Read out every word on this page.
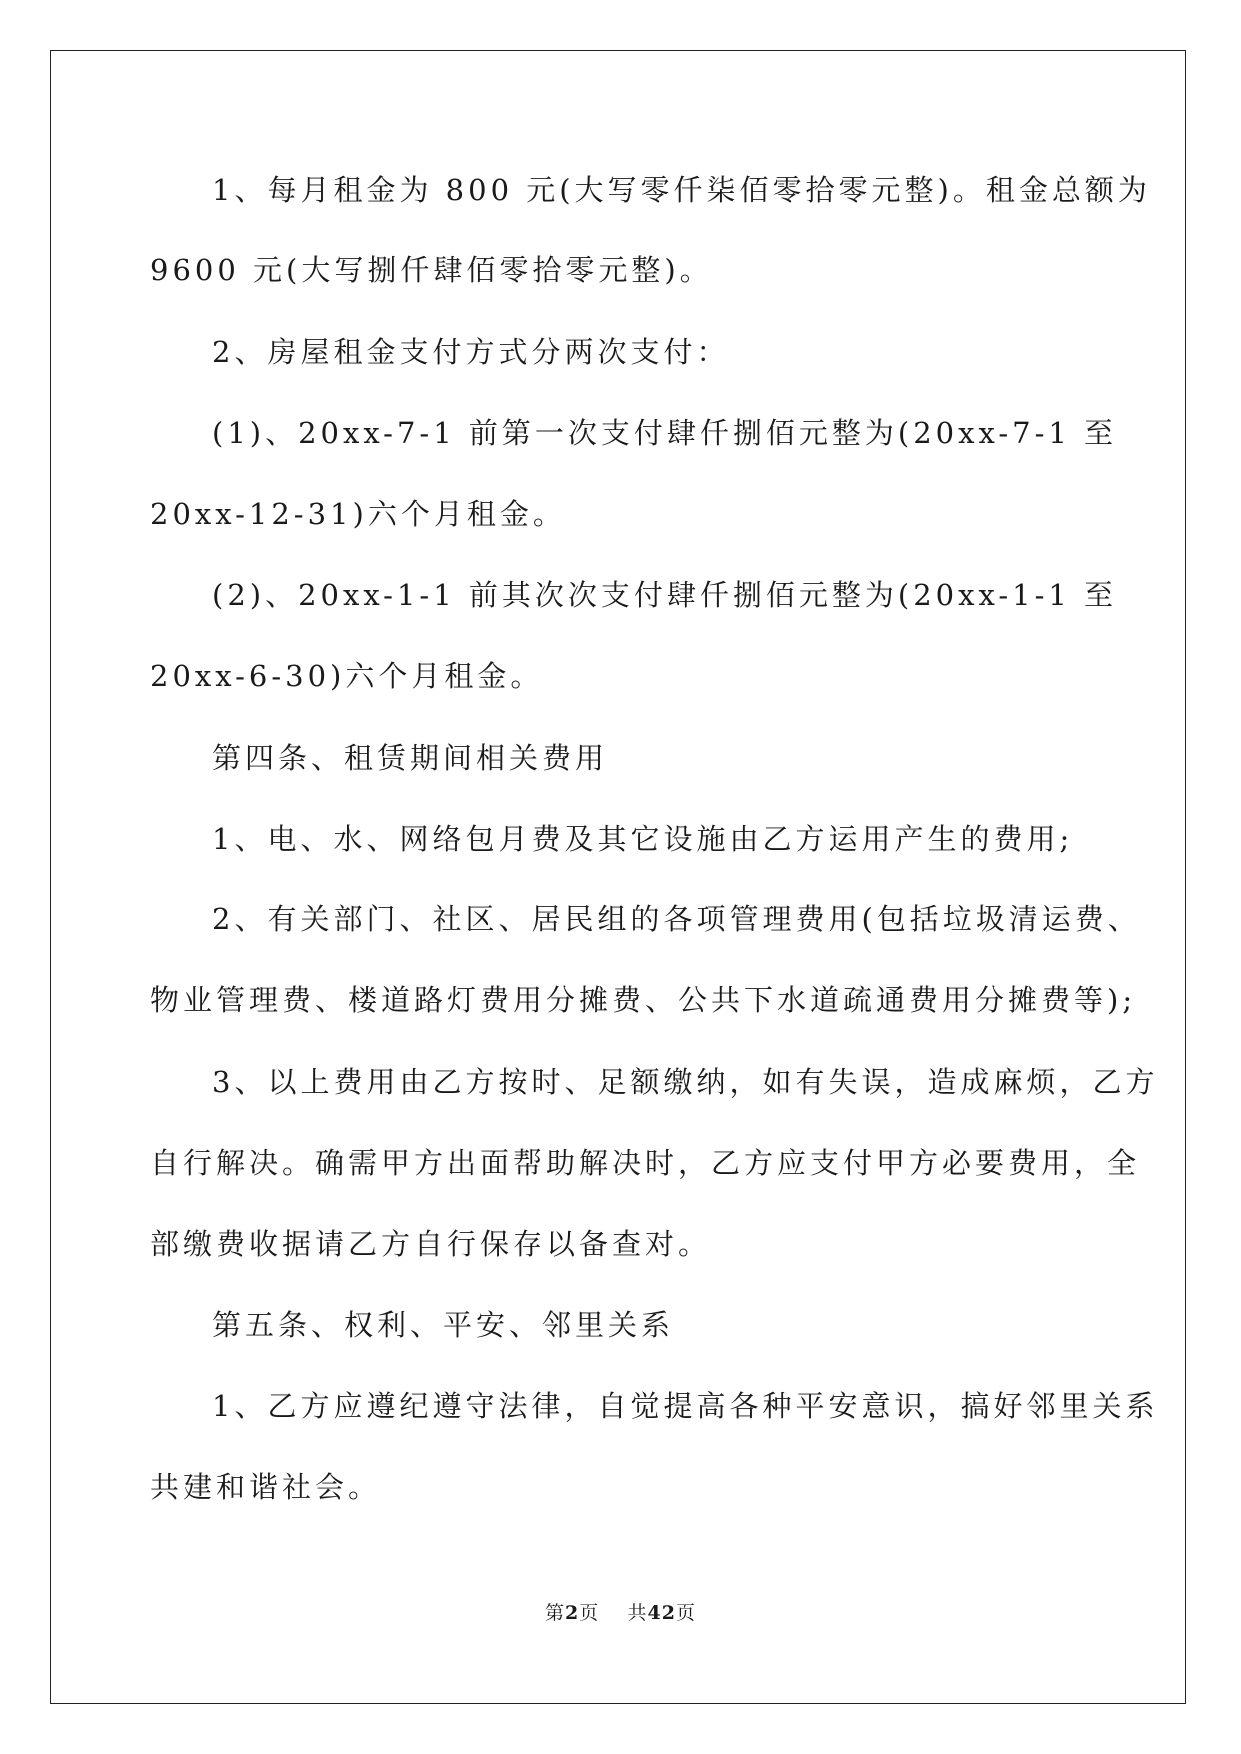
1、每月租金为 800 元(大写零仟柒佰零拾零元整)。租金总额为
9600 元(大写捌仟肆佰零拾零元整)。
2、房屋租金支付方式分两次支付：
(1)、20xx-7-1 前第一次支付肆仟捌佰元整为(20xx-7-1 至
20xx-12-31)六个月租金。
(2)、20xx-1-1 前其次次支付肆仟捌佰元整为(20xx-1-1 至
20xx-6-30)六个月租金。
第四条、租赁期间相关费用
1、电、水、网络包月费及其它设施由乙方运用产生的费用;
2、有关部门、社区、居民组的各项管理费用(包括垃圾清运费、
物业管理费、楼道路灯费用分摊费、公共下水道疏通费用分摊费等);
3、以上费用由乙方按时、足额缴纳，如有失误，造成麻烦，乙方
自行解决。确需甲方出面帮助解决时，乙方应支付甲方必要费用，全
部缴费收据请乙方自行保存以备查对。
第五条、权利、平安、邻里关系
1、乙方应遵纪遵守法律，自觉提高各种平安意识，搞好邻里关系
共建和谐社会。
第2页 共42页
